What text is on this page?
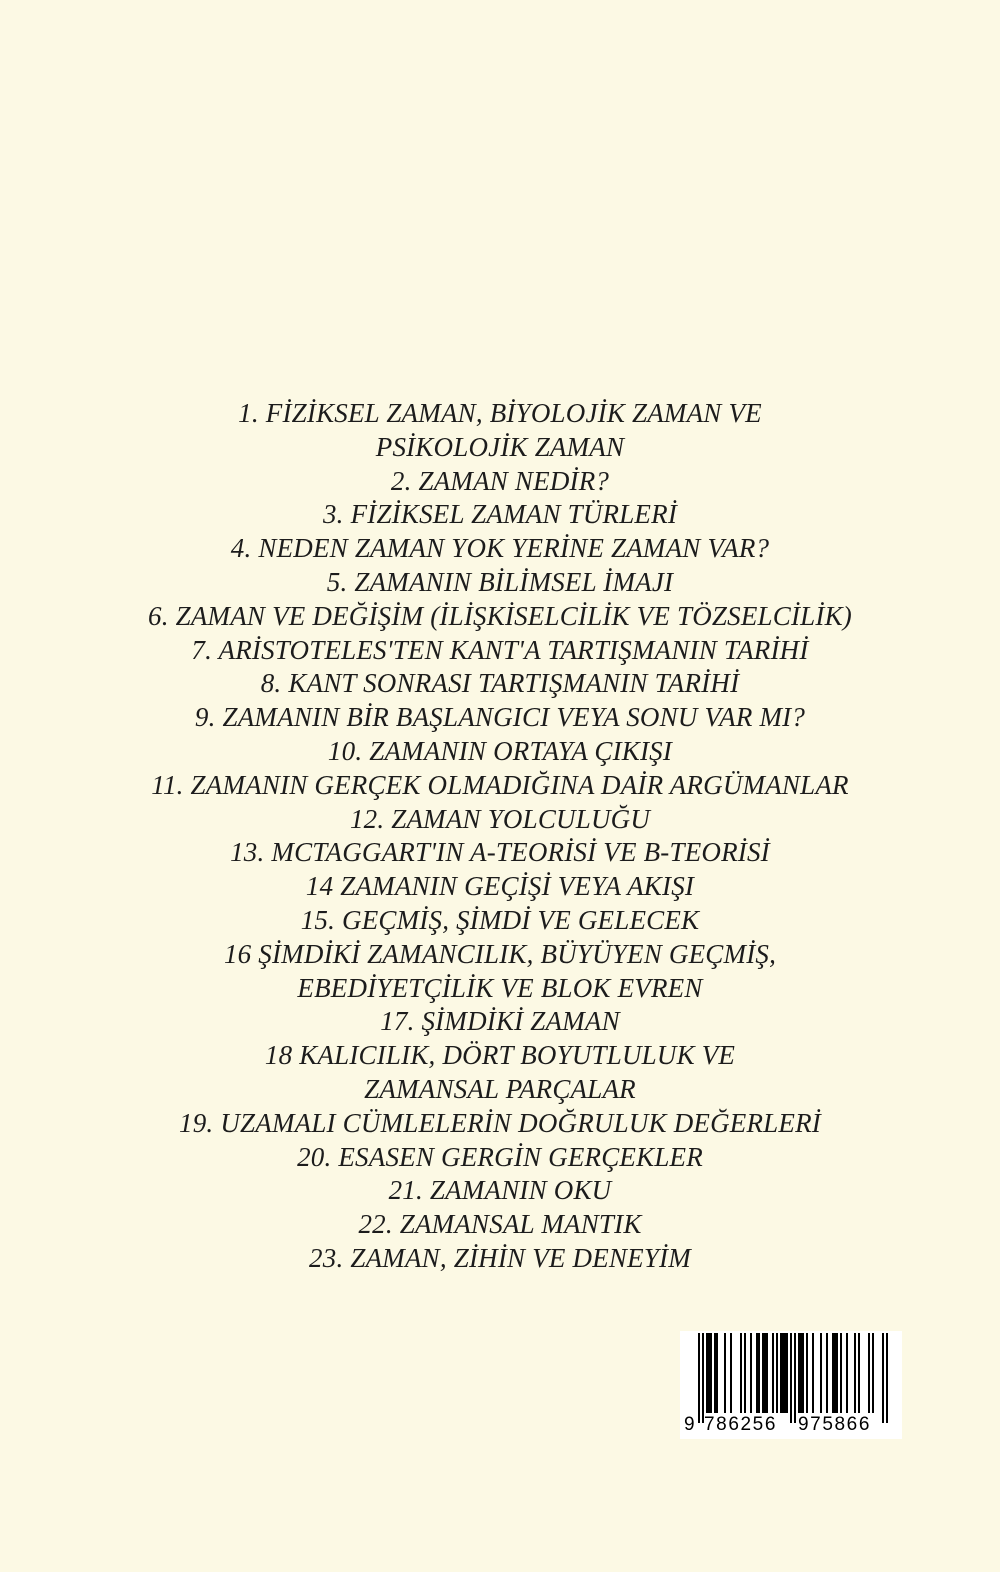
1. FİZİKSEL ZAMAN, BİYOLOJİK ZAMAN VE
PSİKOLOJİK ZAMAN
2. ZAMAN NEDİR?
3. FİZİKSEL ZAMAN TÜRLERİ
4. NEDEN ZAMAN YOK YERİNE ZAMAN VAR?
5. ZAMANIN BİLİMSEL İMAJI
6. ZAMAN VE DEĞİŞİM (İLİŞKİSELCİLİK VE TÖZSELCİLİK)
7. ARİSTOTELES'TEN KANT'A TARTIŞMANIN TARİHİ
8. KANT SONRASI TARTIŞMANIN TARİHİ
9. ZAMANIN BİR BAŞLANGICI VEYA SONU VAR MI?
10. ZAMANIN ORTAYA ÇIKIŞI
11. ZAMANIN GERÇEK OLMADIĞINA DAİR ARGÜMANLAR
12. ZAMAN YOLCULUĞU
13. MCTAGGART'IN A-TEORİSİ VE B-TEORİSİ
14 ZAMANIN GEÇİŞİ VEYA AKIŞI
15. GEÇMİŞ, ŞİMDİ VE GELECEK
16 ŞİMDİKİ ZAMANCILIK, BÜYÜYEN GEÇMİŞ,
EBEDİYETÇİLİK VE BLOK EVREN
17. ŞİMDİKİ ZAMAN
18 KALICILIK, DÖRT BOYUTLULUK VE
ZAMANSAL PARÇALAR
19. UZAMALI CÜMLELERİN DOĞRULUK DEĞERLERİ
20. ESASEN GERGİN GERÇEKLER
21. ZAMANIN OKU
22. ZAMANSAL MANTIK
23. ZAMAN, ZİHİN VE DENEYİM
9 786256 975866
